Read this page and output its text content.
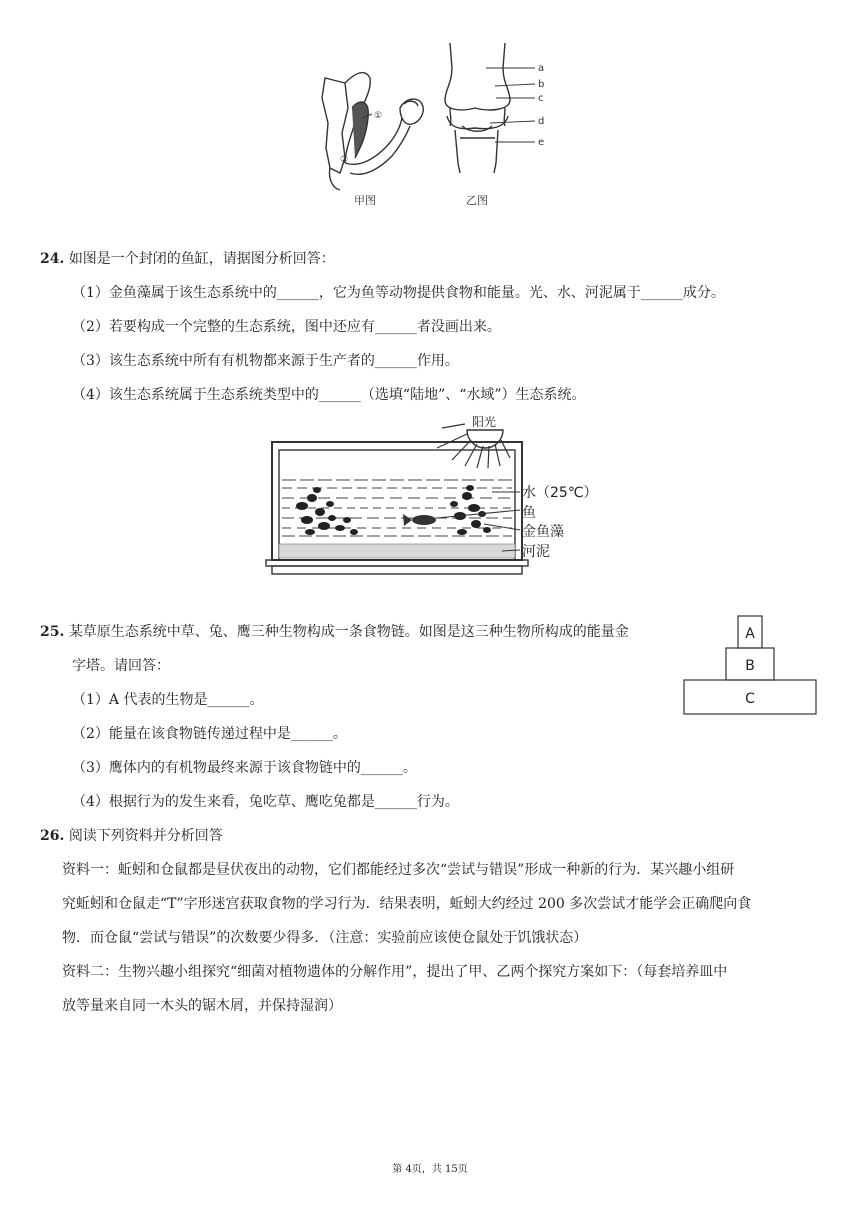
①
②
a
b
c
d
e
甲图	乙图
24. 如图是一个封闭的鱼缸，请据图分析回答：
（1）金鱼藻属于该生态系统中的______，它为鱼等动物提供食物和能量。光、水、河泥属于______成分。
（2）若要构成一个完整的生态系统，图中还应有______者没画出来。
（3）该生态系统中所有有机物都来源于生产者的______作用。
（4）该生态系统属于生态系统类型中的______（选填“陆地”、“水域”）生态系统。
阳光
水（25℃）
鱼
金鱼藻
河泥
25. 某草原生态系统中草、兔、鹰三种生物构成一条食物链。如图是这三种生物所构成的能量金
字塔。请回答：
（1）A 代表的生物是______。
（2）能量在该食物链传递过程中是______。
（3）鹰体内的有机物最终来源于该食物链中的______。
（4）根据行为的发生来看，兔吃草、鹰吃兔都是______行为。
A
B
C
26. 阅读下列资料并分析回答
资料一：蚯蚓和仓鼠都是昼伏夜出的动物，它们都能经过多次“尝试与错误”形成一种新的行为．某兴趣小组研
究蚯蚓和仓鼠走“T”字形迷宫获取食物的学习行为．结果表明，蚯蚓大约经过 200 多次尝试才能学会正确爬向食
物．而仓鼠“尝试与错误”的次数要少得多．（注意：实验前应该使仓鼠处于饥饿状态）
资料二：生物兴趣小组探究“细菌对植物遗体的分解作用”，提出了甲、乙两个探究方案如下：（每套培养皿中
放等量来自同一木头的锯木屑，并保持湿润）
第 4页，共 15页
